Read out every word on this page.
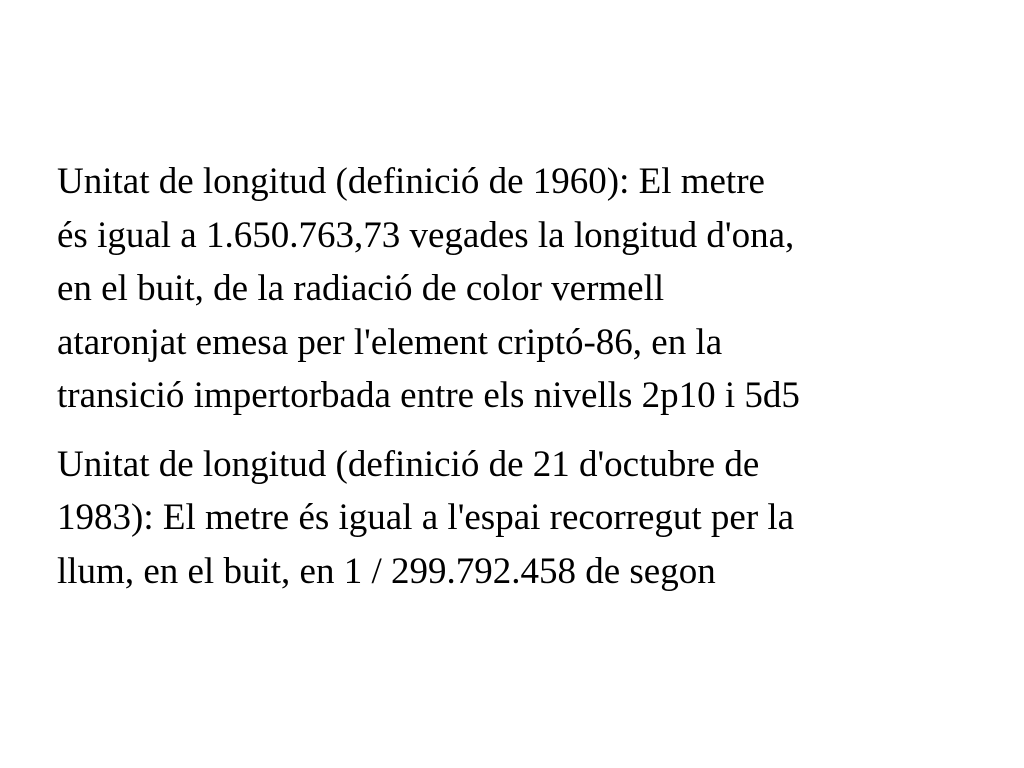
Unitat de longitud (definició de 1960): El metre
és igual a 1.650.763,73 vegades la longitud d'ona,
en el buit, de la radiació de color vermell
ataronjat emesa per l'element criptó-86, en la
transició impertorbada entre els nivells 2p10 i 5d5

Unitat de longitud (definició de 21 d'octubre de
1983): El metre és igual a l'espai recorregut per la
llum, en el buit, en 1 / 299.792.458 de segon
